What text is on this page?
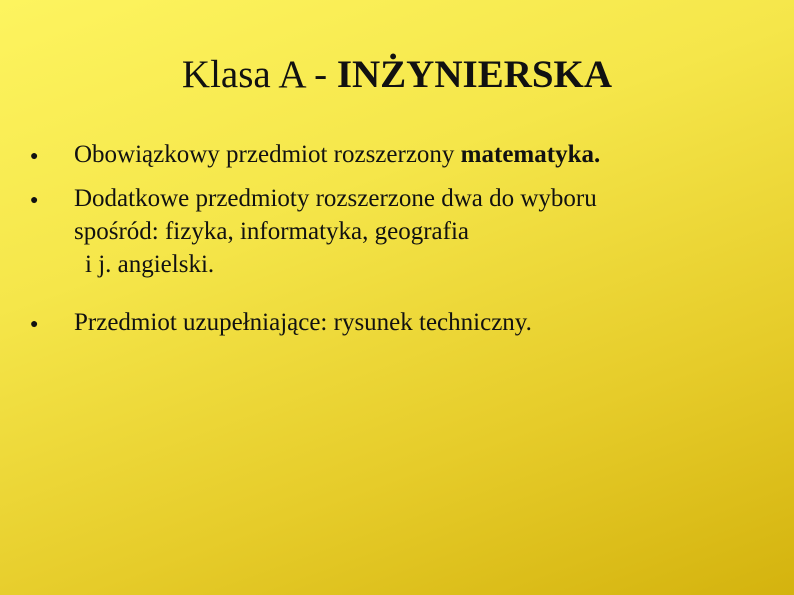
Klasa A - INŻYNIERSKA
●	Obowiązkowy przedmiot rozszerzony matematyka.
●	Dodatkowe przedmioty rozszerzone dwa do wyboru
spośród: fizyka, informatyka, geografia
i j. angielski.
●	Przedmiot uzupełniające: rysunek techniczny.
